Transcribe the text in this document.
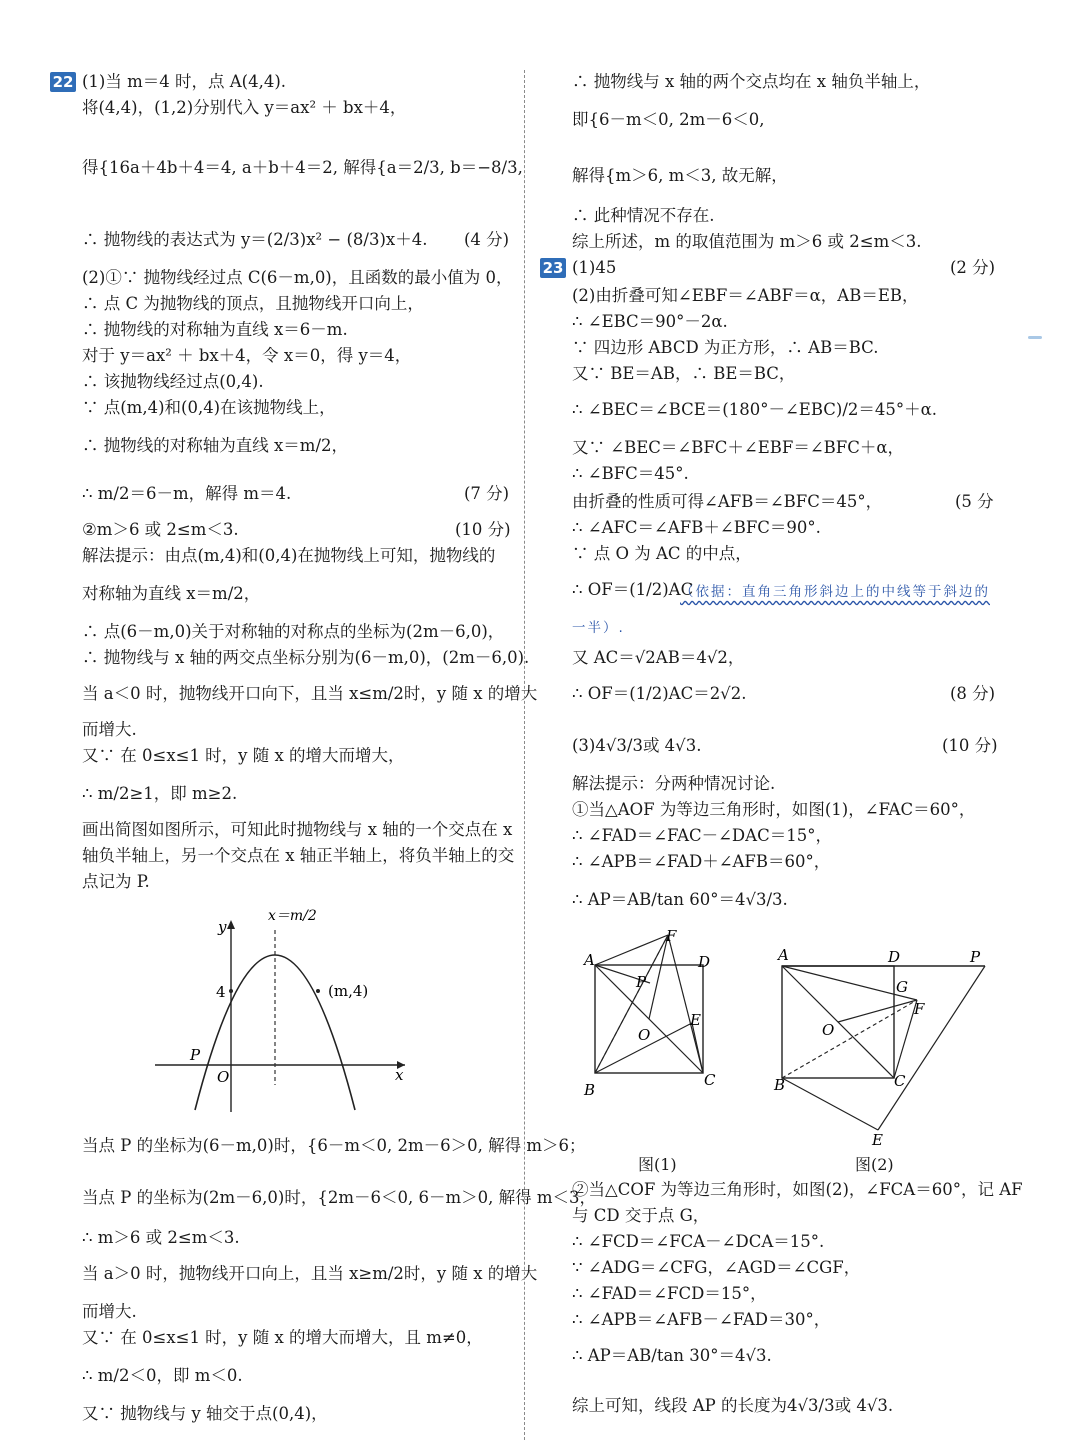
22 (1)当 m＝4 时，点 A(4,4).
将(4,4)，(1,2)分别代入 y＝ax² ＋ bx＋4，
得{16a＋4b＋4＝4, a＋b＋4＝2, 解得{a＝2/3, b＝−8/3,
∴ 抛物线的表达式为 y＝(2/3)x² − (8/3)x＋4. (4 分)
(2)①∵ 抛物线经过点 C(6－m,0)，且函数的最小值为 0，
∴ 点 C 为抛物线的顶点，且抛物线开口向上，
∴ 抛物线的对称轴为直线 x＝6－m.
对于 y＝ax² ＋ bx＋4，令 x＝0，得 y＝4，
∴ 该抛物线经过点(0,4).
∵ 点(m,4)和(0,4)在该抛物线上，
∴ 抛物线的对称轴为直线 x＝m/2，
∴ m/2＝6－m，解得 m＝4.	(7 分)
②m＞6 或 2≤m＜3.	(10 分)
解法提示：由点(m,4)和(0,4)在抛物线上可知，抛物线的
对称轴为直线 x＝m/2，
∴ 点(6－m,0)关于对称轴的对称点的坐标为(2m－6,0)，
∴ 抛物线与 x 轴的两交点坐标分别为(6－m,0)，(2m－6,0).
当 a＜0 时，抛物线开口向下，且当 x≤m/2时，y 随 x 的增大
而增大.
又∵ 在 0≤x≤1 时，y 随 x 的增大而增大，
∴ m/2≥1，即 m≥2.
画出简图如图所示，可知此时抛物线与 x 轴的一个交点在 x
轴负半轴上，另一个交点在 x 轴正半轴上，将负半轴上的交
点记为 P.
y
x
O
P
4	(m,4)
x＝m/2
当点 P 的坐标为(6－m,0)时，{6－m＜0, 2m－6＞0, 解得 m＞6；
当点 P 的坐标为(2m－6,0)时，{2m－6＜0, 6－m＞0, 解得 m＜3，
∴ m＞6 或 2≤m＜3.
当 a＞0 时，抛物线开口向上，且当 x≥m/2时，y 随 x 的增大
而增大.
又∵ 在 0≤x≤1 时，y 随 x 的增大而增大，且 m≠0，
∴ m/2＜0，即 m＜0.
又∵ 抛物线与 y 轴交于点(0,4)，
∴ 抛物线与 x 轴的两个交点均在 x 轴负半轴上，
即{6－m＜0, 2m－6＜0,
解得{m＞6, m＜3, 故无解，
∴ 此种情况不存在.
综上所述，m 的取值范围为 m＞6 或 2≤m＜3.
23 (1)45	(2 分)
(2)由折叠可知∠EBF＝∠ABF＝α，AB＝EB，
∴ ∠EBC＝90°－2α.
∵ 四边形 ABCD 为正方形，∴ AB＝BC.
又∵ BE＝AB，∴ BE＝BC，
∴ ∠BEC＝∠BCE＝(180°－∠EBC)/2＝45°＋α.
又∵ ∠BEC＝∠BFC＋∠EBF＝∠BFC＋α，
∴ ∠BFC＝45°.
由折叠的性质可得∠AFB＝∠BFC＝45°，	(5 分
∴ ∠AFC＝∠AFB＋∠BFC＝90°.
∵ 点 O 为 AC 的中点，
∴ OF＝(1/2)AC
（依据：直角三角形斜边上的中线等于斜边的
一半）.
又 AC＝√2AB＝4√2，
∴ OF＝(1/2)AC＝2√2.	(8 分)
(3)4√3/3或 4√3.	(10 分)
解法提示：分两种情况讨论.
①当△AOF 为等边三角形时，如图(1)，∠FAC＝60°，
∴ ∠FAD＝∠FAC－∠DAC＝15°，
∴ ∠APB＝∠FAD＋∠AFB＝60°，
∴ AP＝AB/tan 60°＝4√3/3.
A
B
C
D
E
F
O
P
图(1)
A
B	C
D
E
F
G
O
P
图(2)
②当△COF 为等边三角形时，如图(2)，∠FCA＝60°，记 AF
与 CD 交于点 G，
∴ ∠FCD＝∠FCA－∠DCA＝15°.
∵ ∠ADG＝∠CFG，∠AGD＝∠CGF，
∴ ∠FAD＝∠FCD＝15°，
∴ ∠APB＝∠AFB－∠FAD＝30°，
∴ AP＝AB/tan 30°＝4√3.
综上可知，线段 AP 的长度为4√3/3或 4√3.
